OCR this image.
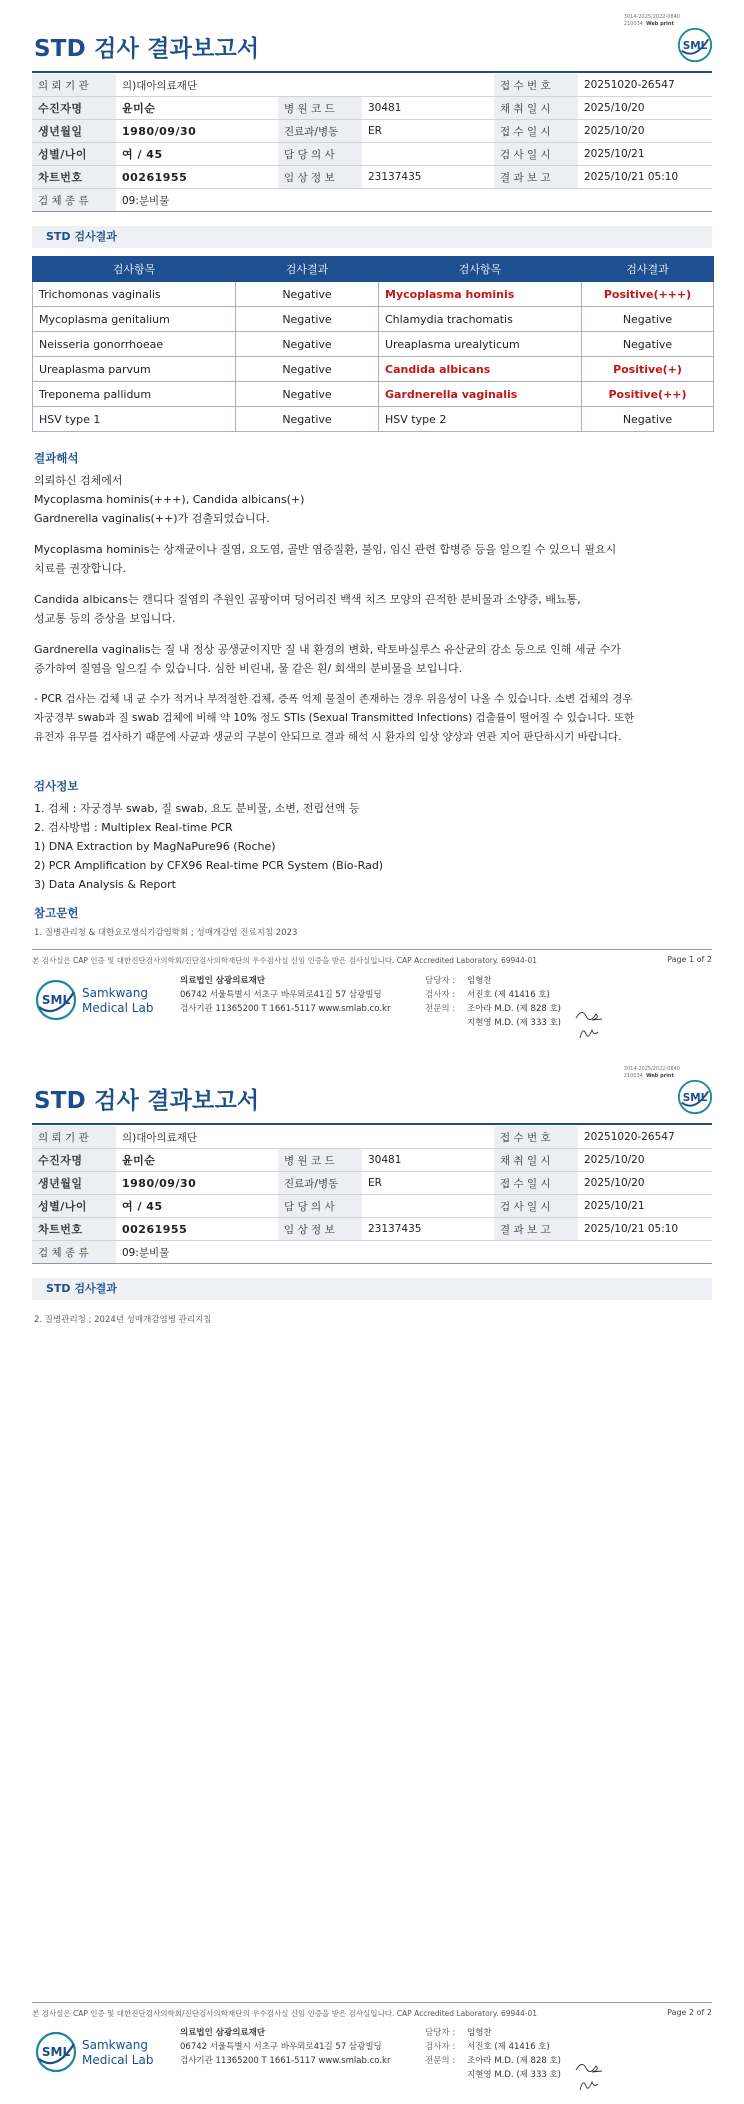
3014-2025/2022-0840
210034 Web print
STD 검사 결과보고서	SML
의 뢰 기 관	의)대아의료재단			접 수 번 호	20251020-26547
수진자명	윤미순	병 원 코 드	30481	채 취 일 시	2025/10/20
생년월일	1980/09/30	진료과/병동	ER	접 수 일 시	2025/10/20
성별/나이	여 / 45	담 당 의 사		검 사 일 시	2025/10/21
차트번호	00261955	임 상 정 보	23137435	결 과 보 고	2025/10/21 05:10
검 체 종 류	09:분비물				
STD 검사결과
검사항목	검사결과	검사항목	검사결과
Trichomonas vaginalis	Negative	Mycoplasma hominis	Positive(+++)
Mycoplasma genitalium	Negative	Chlamydia trachomatis	Negative
Neisseria gonorrhoeae	Negative	Ureaplasma urealyticum	Negative
Ureaplasma parvum	Negative	Candida albicans	Positive(+)
Treponema pallidum	Negative	Gardnerella vaginalis	Positive(++)
HSV type 1	Negative	HSV type 2	Negative
결과해석

의뢰하신 검체에서

Mycoplasma hominis(+++), Candida albicans(+)

Gardnerella vaginalis(++)가 검출되었습니다.

Mycoplasma hominis는 상재균이나 질염, 요도염, 골반 염증질환, 불임, 임신 관련 합병증 등을 일으킬 수 있으니 필요시

치료를 권장합니다.

Candida albicans는 캔디다 질염의 주원인 곰팡이며 덩어리진 백색 치즈 모양의 끈적한 분비물과 소양증, 배뇨통,

성교통 등의 증상을 보입니다.

Gardnerella vaginalis는 질 내 정상 공생균이지만 질 내 환경의 변화, 락토바실루스 유산균의 감소 등으로 인해 세균 수가

증가하여 질염을 일으킬 수 있습니다. 심한 비린내, 물 같은 흰/ 회색의 분비물을 보입니다.

- PCR 검사는 검체 내 균 수가 적거나 부적절한 검체, 증폭 억제 물질이 존재하는 경우 위음성이 나올 수 있습니다. 소변 검체의 경우

자궁경부 swab과 질 swab 검체에 비해 약 10% 정도 STIs (Sexual Transmitted Infections) 검출률이 떨어질 수 있습니다. 또한

유전자 유무를 검사하기 때문에 사균과 생균의 구분이 안되므로 결과 해석 시 환자의 임상 양상과 연관 지어 판단하시기 바랍니다.

검사정보

1. 검체 : 자궁경부 swab, 질 swab, 요도 분비물, 소변, 전립선액 등

2. 검사방법 : Multiplex Real-time PCR

1) DNA Extraction by MagNaPure96 (Roche)

2) PCR Amplification by CFX96 Real-time PCR System (Bio-Rad)

3) Data Analysis & Report

참고문헌
1. 질병관리청 & 대한요로생식기감염학회 ; 성매개감염 진료지침 2023
본 검사실은 CAP 인증 및 대한진단검사의학회/진단검사의학재단의 우수검사실 신임 인증을 받은 검사실입니다. CAP Accredited Laboratory. 69944-01	Page 1 of 2
SML Samkwang
Medical Lab
의료법인 삼광의료재단
06742 서울특별시 서초구 바우뫼로41길 57 삼광빌딩
검사기관 11365200 T 1661-5117 www.smlab.co.kr
담당자 : 임형찬
검사자 : 서진호 (제 41416 호)
전문의 : 조아라 M.D. (제 828 호)
지현영 M.D. (제 333 호)
3014-2025/2022-0840
210034 Web print
STD 검사 결과보고서	SML
의 뢰 기 관	의)대아의료재단			접 수 번 호	20251020-26547
수진자명	윤미순	병 원 코 드	30481	채 취 일 시	2025/10/20
생년월일	1980/09/30	진료과/병동	ER	접 수 일 시	2025/10/20
성별/나이	여 / 45	담 당 의 사		검 사 일 시	2025/10/21
차트번호	00261955	임 상 정 보	23137435	결 과 보 고	2025/10/21 05:10
검 체 종 류	09:분비물				
STD 검사결과
2. 질병관리청 ; 2024년 성매개감염병 관리지침
본 검사실은 CAP 인증 및 대한진단검사의학회/진단검사의학재단의 우수검사실 신임 인증을 받은 검사실입니다. CAP Accredited Laboratory. 69944-01	Page 2 of 2
SML Samkwang
Medical Lab
의료법인 삼광의료재단
06742 서울특별시 서초구 바우뫼로41길 57 삼광빌딩
검사기관 11365200 T 1661-5117 www.smlab.co.kr
담당자 : 임형찬
검사자 : 서진호 (제 41416 호)
전문의 : 조아라 M.D. (제 828 호)
지현영 M.D. (제 333 호)
